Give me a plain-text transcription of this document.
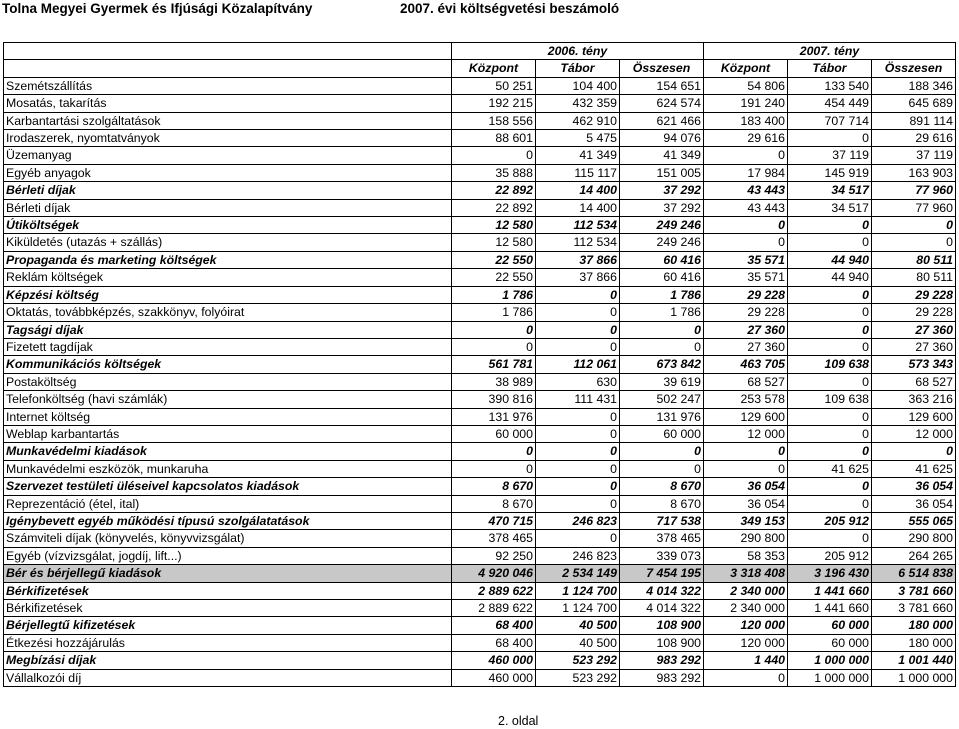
Tolna Megyei Gyermek és Ifjúsági Közalapítvány	2007. évi költségvetési beszámoló
	2006. tény			2007. tény		
	Központ	Tábor	Összesen	Központ	Tábor	Összesen
Szemétszállítás	50 251	104 400	154 651	54 806	133 540	188 346
Mosatás, takarítás	192 215	432 359	624 574	191 240	454 449	645 689
Karbantartási szolgáltatások	158 556	462 910	621 466	183 400	707 714	891 114
Irodaszerek, nyomtatványok	88 601	5 475	94 076	29 616	0	29 616
Üzemanyag	0	41 349	41 349	0	37 119	37 119
Egyéb anyagok	35 888	115 117	151 005	17 984	145 919	163 903
Bérleti díjak	22 892	14 400	37 292	43 443	34 517	77 960
Bérleti díjak	22 892	14 400	37 292	43 443	34 517	77 960
Útiköltségek	12 580	112 534	249 246	0	0	0
Kiküldetés (utazás + szállás)	12 580	112 534	249 246	0	0	0
Propaganda és marketing költségek	22 550	37 866	60 416	35 571	44 940	80 511
Reklám költségek	22 550	37 866	60 416	35 571	44 940	80 511
Képzési költség	1 786	0	1 786	29 228	0	29 228
Oktatás, továbbképzés, szakkönyv, folyóirat	1 786	0	1 786	29 228	0	29 228
Tagsági díjak	0	0	0	27 360	0	27 360
Fizetett tagdíjak	0	0	0	27 360	0	27 360
Kommunikációs költségek	561 781	112 061	673 842	463 705	109 638	573 343
Postaköltség	38 989	630	39 619	68 527	0	68 527
Telefonköltség (havi számlák)	390 816	111 431	502 247	253 578	109 638	363 216
Internet költség	131 976	0	131 976	129 600	0	129 600
Weblap karbantartás	60 000	0	60 000	12 000	0	12 000
Munkavédelmi kiadások	0	0	0	0	0	0
Munkavédelmi eszközök, munkaruha	0	0	0	0	41 625	41 625
Szervezet testületi üléseivel kapcsolatos kiadások	8 670	0	8 670	36 054	0	36 054
Reprezentáció (étel, ital)	8 670	0	8 670	36 054	0	36 054
Igénybevett egyéb működési típusú szolgálatatások	470 715	246 823	717 538	349 153	205 912	555 065
Számviteli díjak (könyvelés, könyvvizsgálat)	378 465	0	378 465	290 800	0	290 800
Egyéb (vízvizsgálat, jogdíj, lift...)	92 250	246 823	339 073	58 353	205 912	264 265
Bér és bérjellegű kiadások	4 920 046	2 534 149	7 454 195	3 318 408	3 196 430	6 514 838
Bérkifizetések	2 889 622	1 124 700	4 014 322	2 340 000	1 441 660	3 781 660
Bérkifizetések	2 889 622	1 124 700	4 014 322	2 340 000	1 441 660	3 781 660
Bérjellegtű kifizetések	68 400	40 500	108 900	120 000	60 000	180 000
Étkezési hozzájárulás	68 400	40 500	108 900	120 000	60 000	180 000
Megbízási díjak	460 000	523 292	983 292	1 440	1 000 000	1 001 440
Vállalkozói díj	460 000	523 292	983 292	0	1 000 000	1 000 000
2. oldal
